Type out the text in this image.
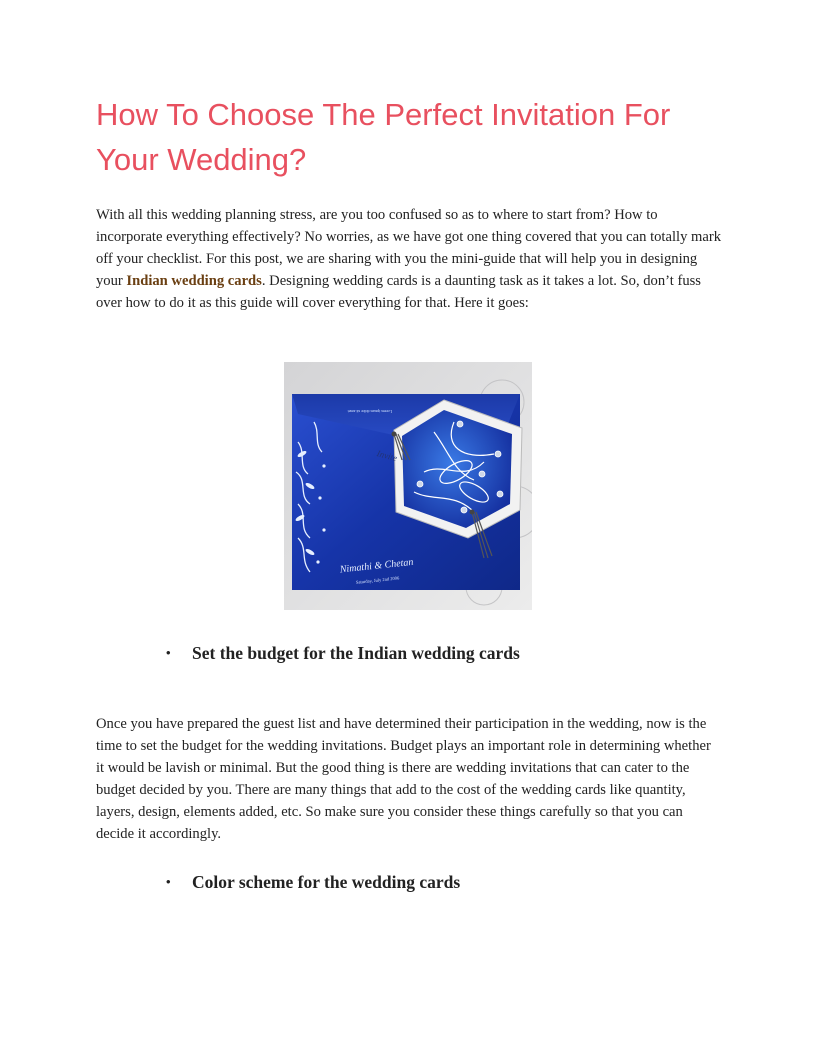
How To Choose The Perfect Invitation For Your Wedding?

With all this wedding planning stress, are you too confused so as to where to start from? How to incorporate everything effectively? No worries, as we have got one thing covered that you can totally mark off your checklist. For this post, we are sharing with you the mini-guide that will help you in designing your Indian wedding cards. Designing wedding cards is a daunting task as it takes a lot. So, don’t fuss over how to do it as this guide will cover everything for that. Here it goes:

Lorem ipsum dolor sit amet
Nimathi & Chetan
Saturday, July 2nd 2006
Invite
•	Set the budget for the Indian wedding cards

Once you have prepared the guest list and have determined their participation in the wedding, now is the time to set the budget for the wedding invitations. Budget plays an important role in determining whether it would be lavish or minimal. But the good thing is there are wedding invitations that can cater to the budget decided by you. There are many things that add to the cost of the wedding cards like quantity, layers, design, elements added, etc. So make sure you consider these things carefully so that you can decide it accordingly.

•	Color scheme for the wedding cards
